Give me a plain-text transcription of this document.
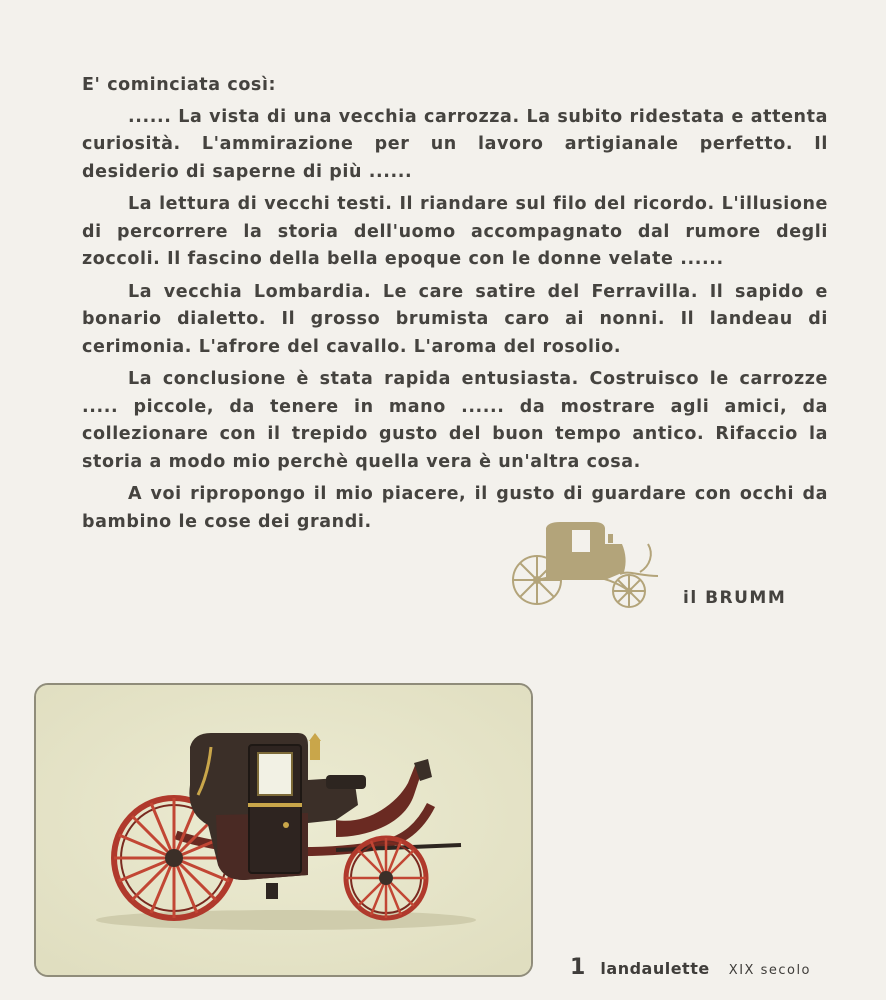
E' cominciata così:

...... La vista di una vecchia carrozza. La subito ridestata e attenta curiosità. L'ammirazione per un lavoro artigianale perfetto. Il desiderio di saperne di più ......

La lettura di vecchi testi. Il riandare sul filo del ricordo. L'illusione di percorrere la storia dell'uomo accompagnato dal rumore degli zoccoli. Il fascino della bella epoque con le donne velate ......

La vecchia Lombardia. Le care satire del Ferravilla. Il sapido e bonario dialetto. Il grosso brumista caro ai nonni. Il landeau di cerimonia. L'afrore del cavallo. L'aroma del rosolio.

La conclusione è stata rapida entusiasta. Costruisco le carrozze ..... piccole, da tenere in mano ...... da mostrare agli amici, da collezionare con il trepido gusto del buon tempo antico. Rifaccio la storia a modo mio perchè quella vera è un'altra cosa.

A voi ripropongo il mio piacere, il gusto di guardare con occhi da bambino le cose dei grandi.

il BRUMM
1 landaulette XIX secolo
